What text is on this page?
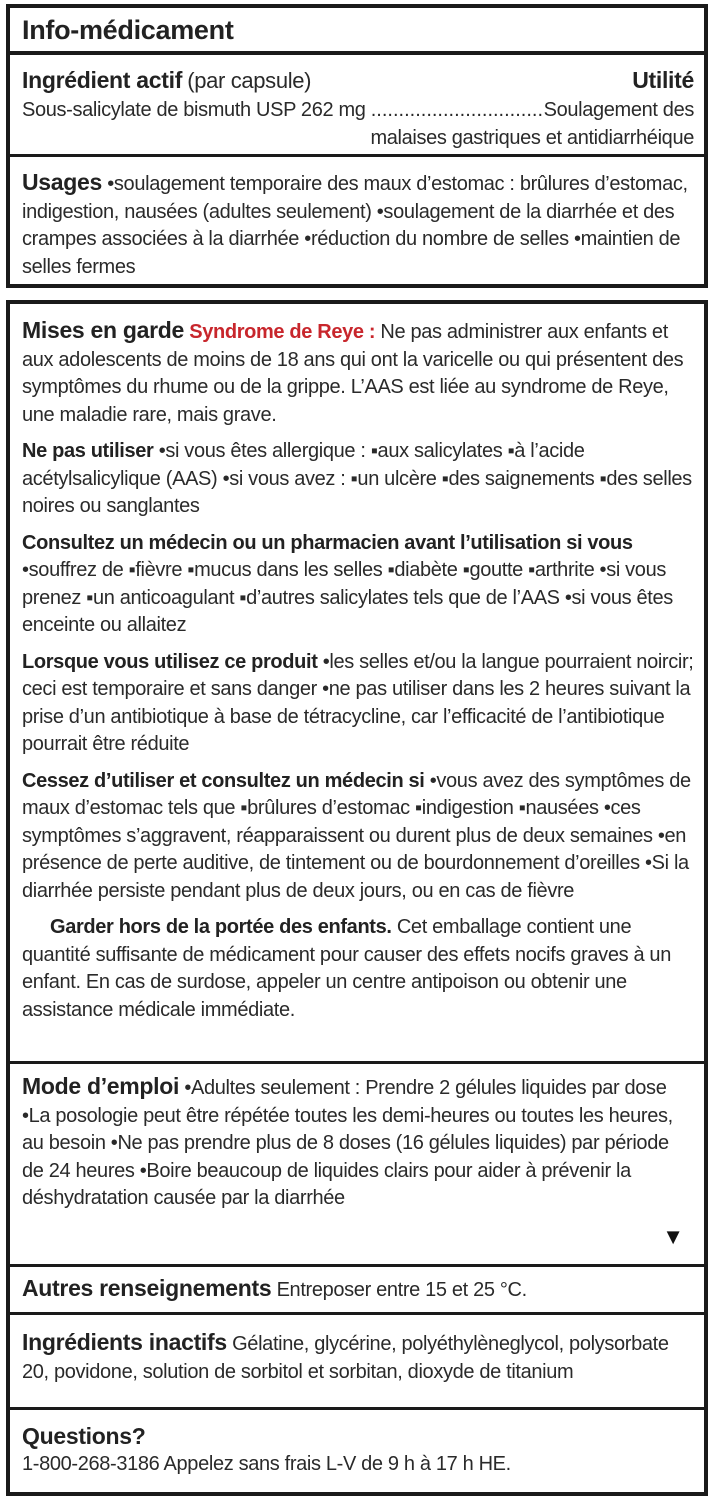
Info-médicament

Ingrédient actif (par capsule)	Utilité

Sous-salicylate de bismuth USP 262 mg ............................... Soulagement des

malaises gastriques et antidiarrhéique

Usages •soulagement temporaire des maux d’estomac : brûlures d’estomac, indigestion, nausées (adultes seulement) •soulagement de la diarrhée et des crampes associées à la diarrhée •réduction du nombre de selles •maintien de selles fermes

Mises en garde Syndrome de Reye : Ne pas administrer aux enfants et aux adolescents de moins de 18 ans qui ont la varicelle ou qui présentent des symptômes du rhume ou de la grippe. L’AAS est liée au syndrome de Reye, une maladie rare, mais grave.

Ne pas utiliser •si vous êtes allergique : ▪aux salicylates ▪à l’acide acétylsalicylique (AAS) •si vous avez : ▪un ulcère ▪des saignements ▪des selles noires ou sanglantes

Consultez un médecin ou un pharmacien avant l’utilisation si vous •souffrez de ▪fièvre ▪mucus dans les selles ▪diabète ▪goutte ▪arthrite •si vous prenez ▪un anticoagulant ▪d’autres salicylates tels que de l’AAS •si vous êtes enceinte ou allaitez

Lorsque vous utilisez ce produit •les selles et/ou la langue pourraient noircir; ceci est temporaire et sans danger •ne pas utiliser dans les 2 heures suivant la prise d’un antibiotique à base de tétracycline, car l’efficacité de l’antibiotique pourrait être réduite

Cessez d’utiliser et consultez un médecin si •vous avez des symptômes de maux d’estomac tels que ▪brûlures d’estomac ▪indigestion ▪nausées •ces symptômes s’aggravent, réapparaissent ou durent plus de deux semaines •en présence de perte auditive, de tintement ou de bourdonnement d’oreilles •Si la diarrhée persiste pendant plus de deux jours, ou en cas de fièvre

Garder hors de la portée des enfants. Cet emballage contient une quantité suffisante de médicament pour causer des effets nocifs graves à un enfant. En cas de surdose, appeler un centre antipoison ou obtenir une assistance médicale immédiate.

Mode d’emploi •Adultes seulement : Prendre 2 gélules liquides par dose •La posologie peut être répétée toutes les demi-heures ou toutes les heures, au besoin •Ne pas prendre plus de 8 doses (16 gélules liquides) par période de 24 heures •Boire beaucoup de liquides clairs pour aider à prévenir la déshydratation causée par la diarrhée

▼

Autres renseignements Entreposer entre 15 et 25 °C.

Ingrédients inactifs Gélatine, glycérine, polyéthylèneglycol, polysorbate 20, povidone, solution de sorbitol et sorbitan, dioxyde de titanium

Questions?

1-800-268-3186 Appelez sans frais L-V de 9 h à 17 h HE.
